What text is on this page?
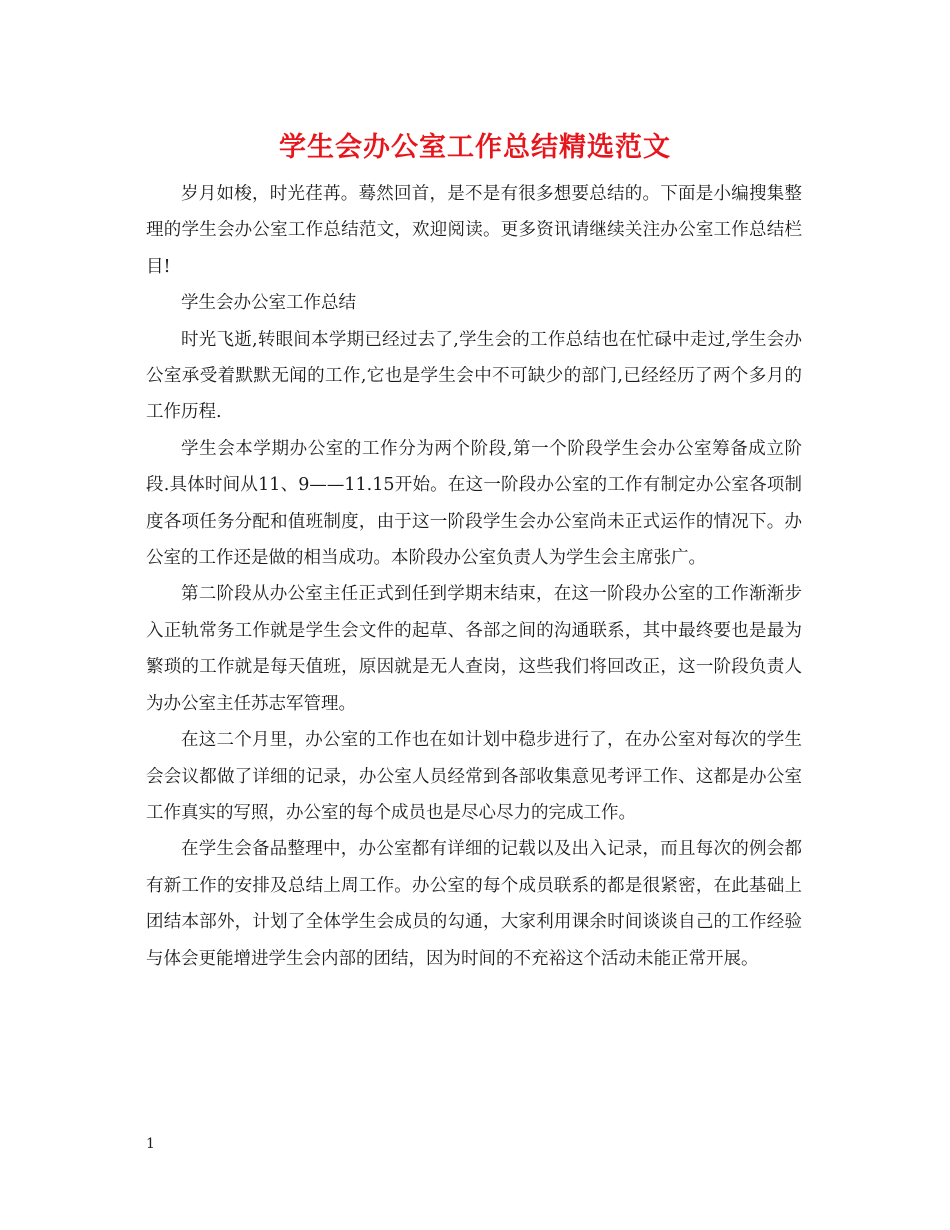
学生会办公室工作总结精选范文

岁月如梭，时光荏苒。蓦然回首，是不是有很多想要总结的。下面是小编搜集整理的学生会办公室工作总结范文，欢迎阅读。更多资讯请继续关注办公室工作总结栏目!

学生会办公室工作总结

时光飞逝,转眼间本学期已经过去了,学生会的工作总结也在忙碌中走过,学生会办公室承受着默默无闻的工作,它也是学生会中不可缺少的部门,已经经历了两个多月的工作历程.

学生会本学期办公室的工作分为两个阶段,第一个阶段学生会办公室筹备成立阶段.具体时间从11、9——11.15开始。在这一阶段办公室的工作有制定办公室各项制度各项任务分配和值班制度，由于这一阶段学生会办公室尚未正式运作的情况下。办公室的工作还是做的相当成功。本阶段办公室负责人为学生会主席张广。

第二阶段从办公室主任正式到任到学期末结束，在这一阶段办公室的工作渐渐步入正轨常务工作就是学生会文件的起草、各部之间的沟通联系，其中最终要也是最为繁琐的工作就是每天值班，原因就是无人查岗，这些我们将回改正，这一阶段负责人为办公室主任苏志军管理。

在这二个月里，办公室的工作也在如计划中稳步进行了，在办公室对每次的学生会会议都做了详细的记录，办公室人员经常到各部收集意见考评工作、这都是办公室工作真实的写照，办公室的每个成员也是尽心尽力的完成工作。

在学生会备品整理中，办公室都有详细的记载以及出入记录，而且每次的例会都有新工作的安排及总结上周工作。办公室的每个成员联系的都是很紧密，在此基础上团结本部外，计划了全体学生会成员的勾通，大家利用课余时间谈谈自己的工作经验与体会更能增进学生会内部的团结，因为时间的不充裕这个活动未能正常开展。

1
